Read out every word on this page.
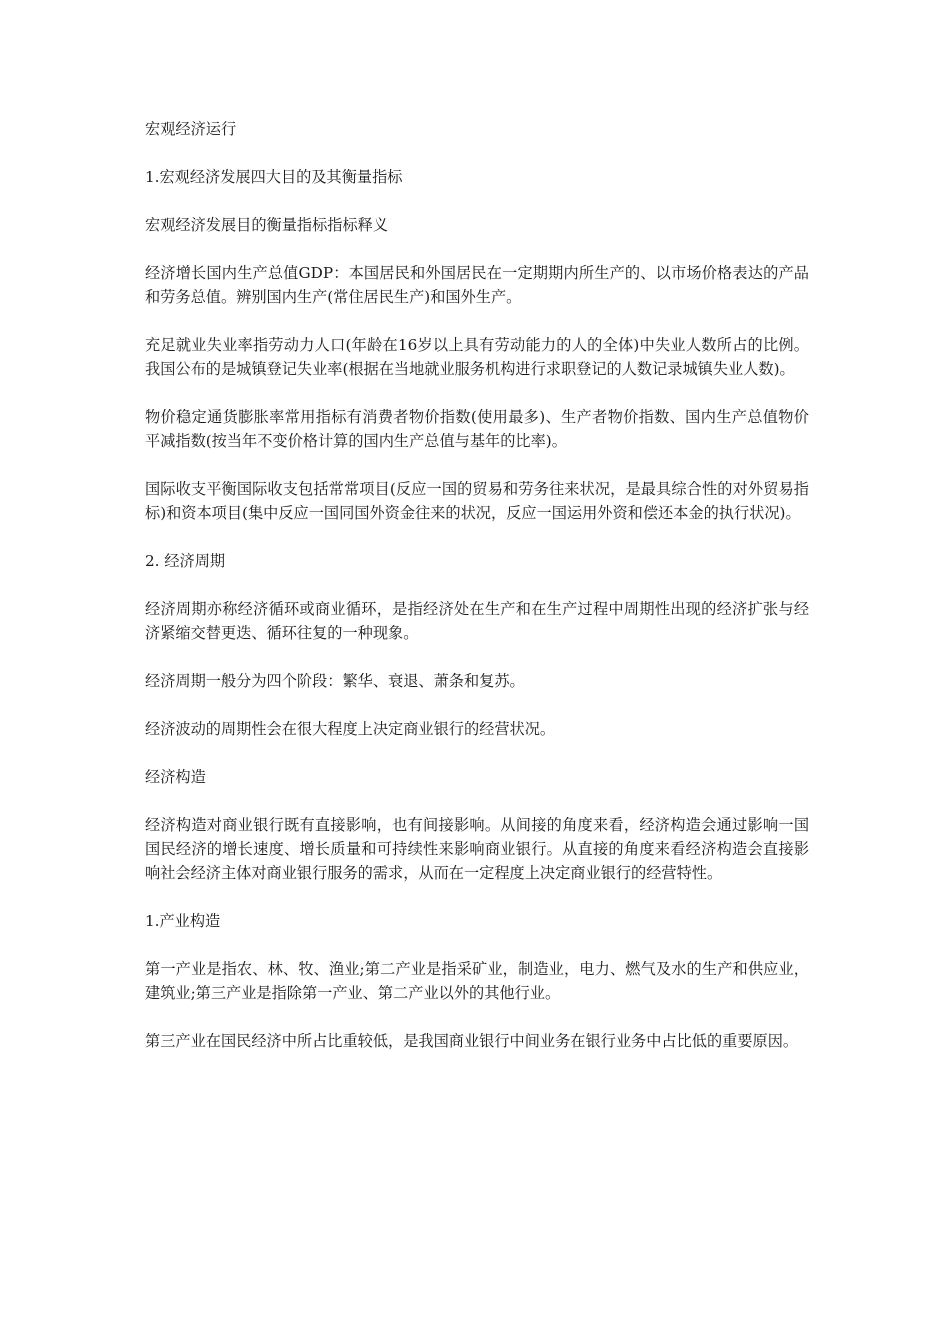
宏观经济运行

1.宏观经济发展四大目的及其衡量指标

宏观经济发展目的衡量指标指标释义

经济增长国内生产总值GDP：本国居民和外国居民在一定期期内所生产的、以市场价格表达的产品和劳务总值。辨别国内生产(常住居民生产)和国外生产。

充足就业失业率指劳动力人口(年龄在16岁以上具有劳动能力的人的全体)中失业人数所占的比例。我国公布的是城镇登记失业率(根据在当地就业服务机构进行求职登记的人数记录城镇失业人数)。

物价稳定通货膨胀率常用指标有消费者物价指数(使用最多)、生产者物价指数、国内生产总值物价平减指数(按当年不变价格计算的国内生产总值与基年的比率)。

国际收支平衡国际收支包括常常项目(反应一国的贸易和劳务往来状况，是最具综合性的对外贸易指标)和资本项目(集中反应一国同国外资金往来的状况，反应一国运用外资和偿还本金的执行状况)。

2. 经济周期

经济周期亦称经济循环或商业循环，是指经济处在生产和在生产过程中周期性出现的经济扩张与经济紧缩交替更迭、循环往复的一种现象。

经济周期一般分为四个阶段：繁华、衰退、萧条和复苏。

经济波动的周期性会在很大程度上决定商业银行的经营状况。

经济构造

经济构造对商业银行既有直接影响，也有间接影响。从间接的角度来看，经济构造会通过影响一国国民经济的增长速度、增长质量和可持续性来影响商业银行。从直接的角度来看经济构造会直接影响社会经济主体对商业银行服务的需求，从而在一定程度上决定商业银行的经营特性。

1.产业构造

第一产业是指农、林、牧、渔业;第二产业是指采矿业，制造业，电力、燃气及水的生产和供应业，建筑业;第三产业是指除第一产业、第二产业以外的其他行业。

第三产业在国民经济中所占比重较低，是我国商业银行中间业务在银行业务中占比低的重要原因。
